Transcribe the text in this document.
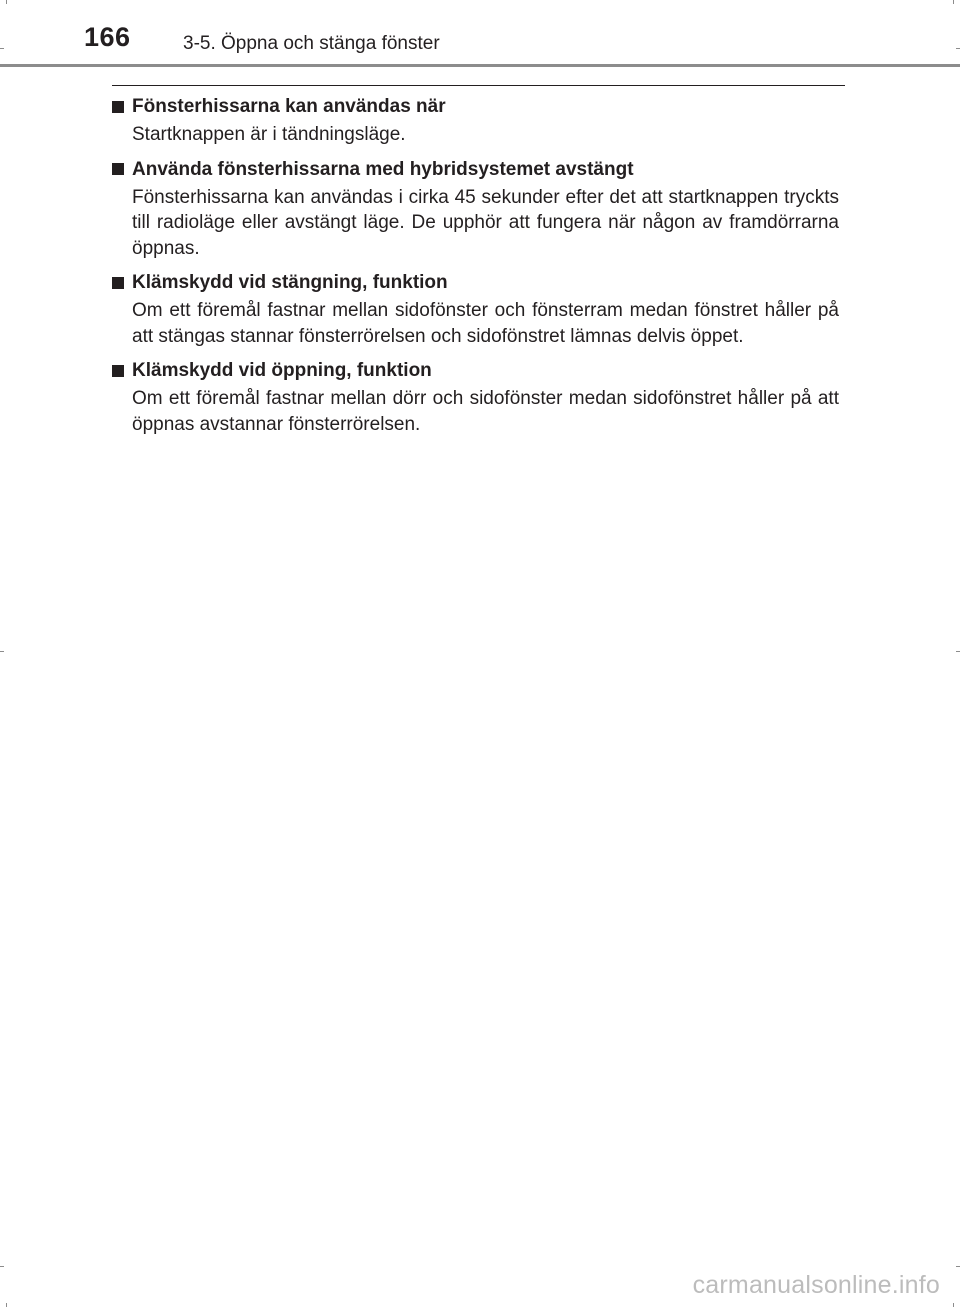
166	3-5. Öppna och stänga fönster
Fönsterhissarna kan användas när
Startknappen är i tändningsläge.
Använda fönsterhissarna med hybridsystemet avstängt
Fönsterhissarna kan användas i cirka 45 sekunder efter det att startknappen tryckts till radioläge eller avstängt läge. De upphör att fungera när någon av framdörrarna öppnas.
Klämskydd vid stängning, funktion
Om ett föremål fastnar mellan sidofönster och fönsterram medan fönstret håller på att stängas stannar fönsterrörelsen och sidofönstret lämnas delvis öppet.
Klämskydd vid öppning, funktion
Om ett föremål fastnar mellan dörr och sidofönster medan sidofönstret håller på att öppnas avstannar fönsterrörelsen.
carmanualsonline.info
